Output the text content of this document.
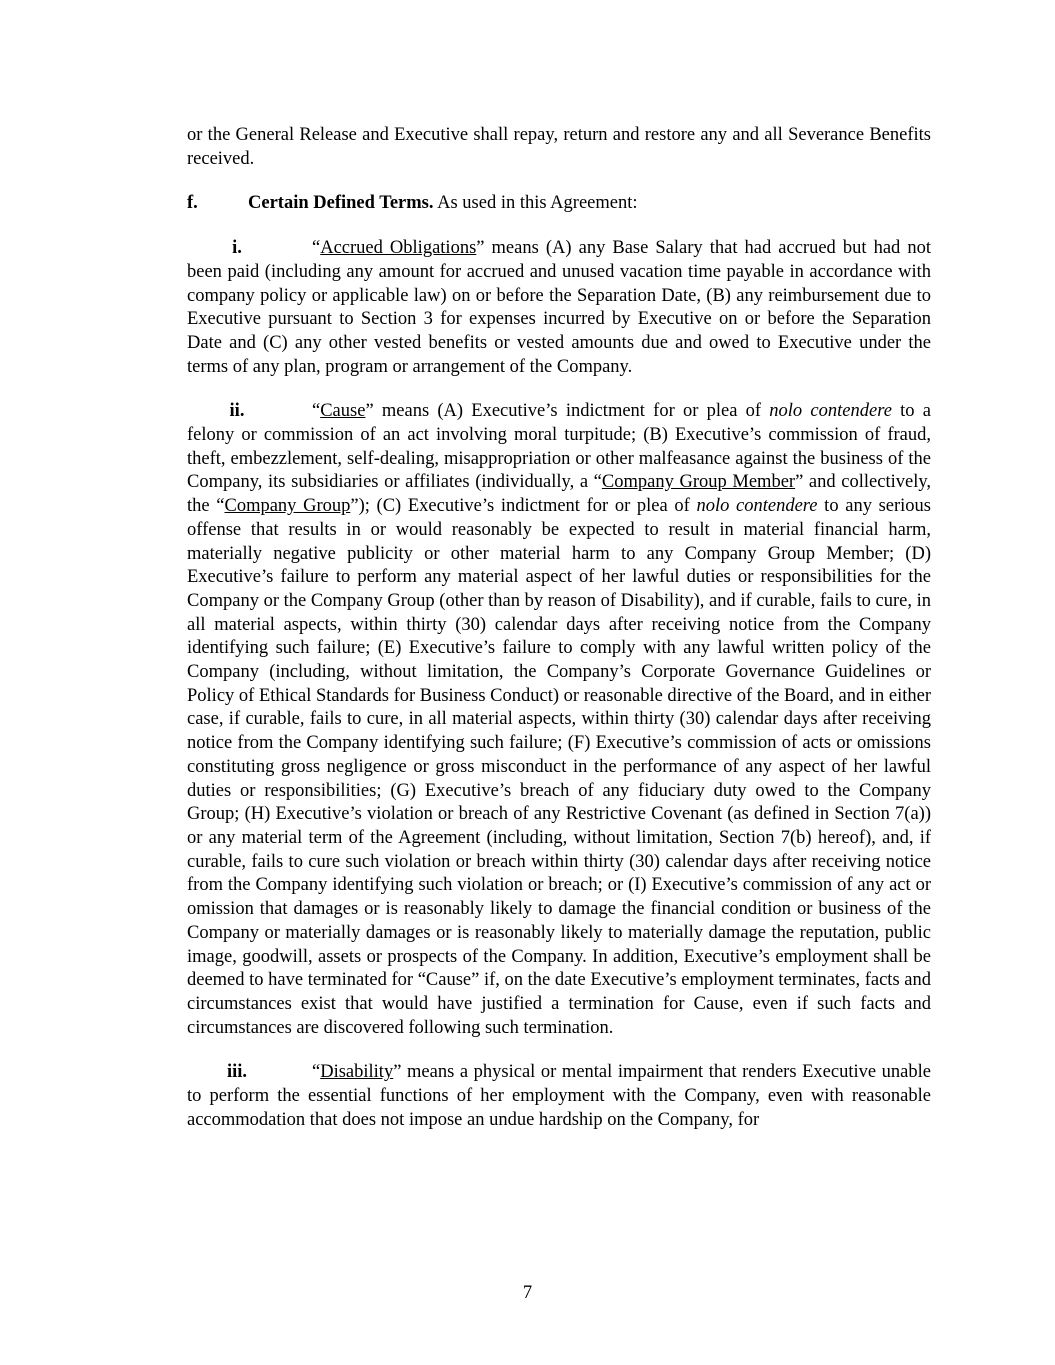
or the General Release and Executive shall repay, return and restore any and all Severance Benefits received.

f.	Certain Defined Terms. As used in this Agreement:

i.	“Accrued Obligations” means (A) any Base Salary that had accrued but had not been paid (including any amount for accrued and unused vacation time payable in accordance with company policy or applicable law) on or before the Separation Date, (B) any reimbursement due to Executive pursuant to Section 3 for expenses incurred by Executive on or before the Separation Date and (C) any other vested benefits or vested amounts due and owed to Executive under the terms of any plan, program or arrangement of the Company.

ii.	“Cause” means (A) Executive’s indictment for or plea of nolo contendere to a felony or commission of an act involving moral turpitude; (B) Executive’s commission of fraud, theft, embezzlement, self-dealing, misappropriation or other malfeasance against the business of the Company, its subsidiaries or affiliates (individually, a “Company Group Member” and collectively, the “Company Group”); (C) Executive’s indictment for or plea of nolo contendere to any serious offense that results in or would reasonably be expected to result in material financial harm, materially negative publicity or other material harm to any Company Group Member; (D) Executive’s failure to perform any material aspect of her lawful duties or responsibilities for the Company or the Company Group (other than by reason of Disability), and if curable, fails to cure, in all material aspects, within thirty (30) calendar days after receiving notice from the Company identifying such failure; (E) Executive’s failure to comply with any lawful written policy of the Company (including, without limitation, the Company’s Corporate Governance Guidelines or Policy of Ethical Standards for Business Conduct) or reasonable directive of the Board, and in either case, if curable, fails to cure, in all material aspects, within thirty (30) calendar days after receiving notice from the Company identifying such failure; (F) Executive’s commission of acts or omissions constituting gross negligence or gross misconduct in the performance of any aspect of her lawful duties or responsibilities; (G) Executive’s breach of any fiduciary duty owed to the Company Group; (H) Executive’s violation or breach of any Restrictive Covenant (as defined in Section 7(a)) or any material term of the Agreement (including, without limitation, Section 7(b) hereof), and, if curable, fails to cure such violation or breach within thirty (30) calendar days after receiving notice from the Company identifying such violation or breach; or (I) Executive’s commission of any act or omission that damages or is reasonably likely to damage the financial condition or business of the Company or materially damages or is reasonably likely to materially damage the reputation, public image, goodwill, assets or prospects of the Company. In addition, Executive’s employment shall be deemed to have terminated for “Cause” if, on the date Executive’s employment terminates, facts and circumstances exist that would have justified a termination for Cause, even if such facts and circumstances are discovered following such termination.

iii.	“Disability” means a physical or mental impairment that renders Executive unable to perform the essential functions of her employment with the Company, even with reasonable accommodation that does not impose an undue hardship on the Company, for

7
